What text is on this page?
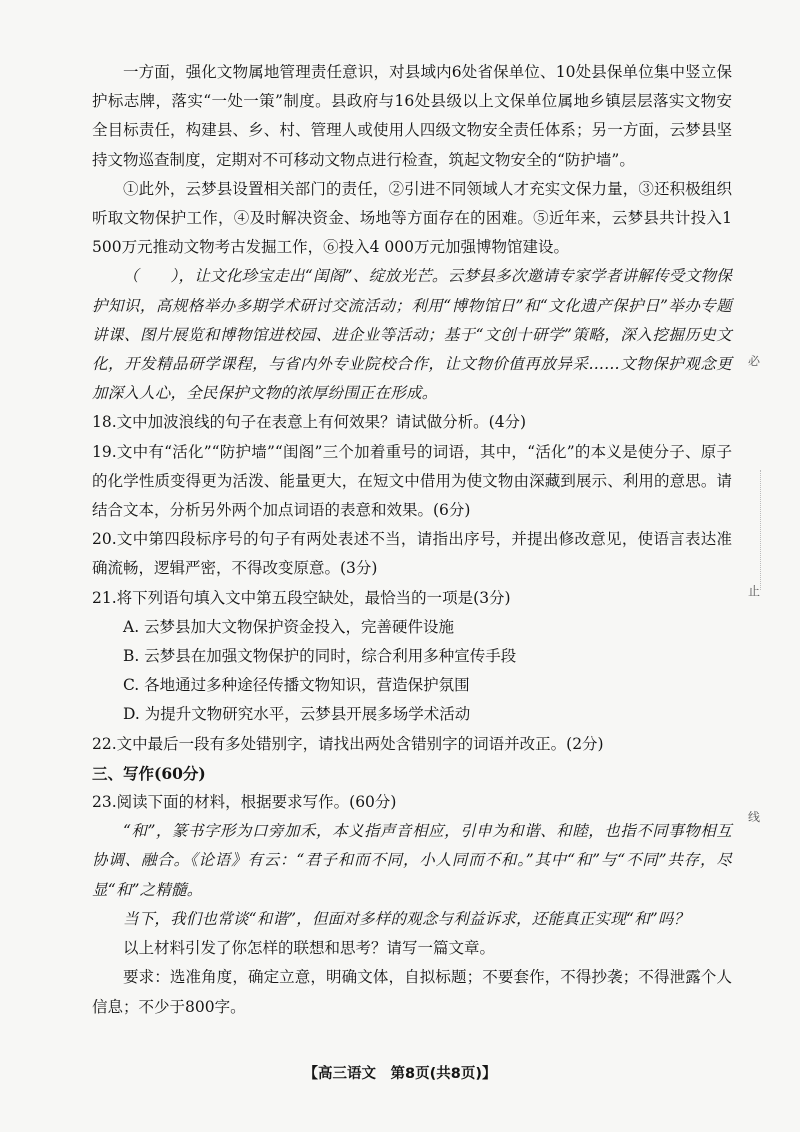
一方面，强化文物属地管理责任意识，对县域内6处省保单位、10处县保单位集中竖立保护标志牌，落实“一处一策”制度。县政府与16处县级以上文保单位属地乡镇层层落实文物安全目标责任，构建县、乡、村、管理人或使用人四级文物安全责任体系；另一方面，云梦县坚持文物巡查制度，定期对不可移动文物点进行检查，筑起文物安全的“防护墙”。

①此外，云梦县设置相关部门的责任，②引进不同领域人才充实文保力量，③还积极组织听取文物保护工作，④及时解决资金、场地等方面存在的困难。⑤近年来，云梦县共计投入1 500万元推动文物考古发掘工作，⑥投入4 000万元加强博物馆建设。

（　　），让文化珍宝走出“闺阁”、绽放光芒。云梦县多次邀请专家学者讲解传受文物保护知识，高规格举办多期学术研讨交流活动；利用“博物馆日”和“文化遗产保护日”举办专题讲课、图片展览和博物馆进校园、进企业等活动；基于“文创十研学”策略，深入挖掘历史文化，开发精品研学课程，与省内外专业院校合作，让文物价值再放异采……文物保护观念更加深入人心，全民保护文物的浓厚纷围正在形成。

18.文中加波浪线的句子在表意上有何效果？请试做分析。(4分)

19.文中有“活化”“防护墙”“闺阁”三个加着重号的词语，其中，“活化”的本义是使分子、原子的化学性质变得更为活泼、能量更大，在短文中借用为使文物由深藏到展示、利用的意思。请结合文本，分析另外两个加点词语的表意和效果。(6分)

20.文中第四段标序号的句子有两处表述不当，请指出序号，并提出修改意见，使语言表达准确流畅，逻辑严密，不得改变原意。(3分)

21.将下列语句填入文中第五段空缺处，最恰当的一项是(3分)

A. 云梦县加大文物保护资金投入，完善硬件设施

B. 云梦县在加强文物保护的同时，综合利用多种宣传手段

C. 各地通过多种途径传播文物知识，营造保护氛围

D. 为提升文物研究水平，云梦县开展多场学术活动

22.文中最后一段有多处错别字，请找出两处含错别字的词语并改正。(2分)

三、写作(60分)

23.阅读下面的材料，根据要求写作。(60分)

“和”，篆书字形为口旁加禾，本义指声音相应，引申为和谐、和睦，也指不同事物相互协调、融合。《论语》有云：“君子和而不同，小人同而不和。”其中“和”与“不同”共存，尽显“和”之精髓。

当下，我们也常谈“和谐”，但面对多样的观念与利益诉求，还能真正实现“和”吗？

以上材料引发了你怎样的联想和思考？请写一篇文章。

要求：选准角度，确定立意，明确文体，自拟标题；不要套作，不得抄袭；不得泄露个人信息；不少于800字。

必
止
线
【高三语文　第8页(共8页)】
